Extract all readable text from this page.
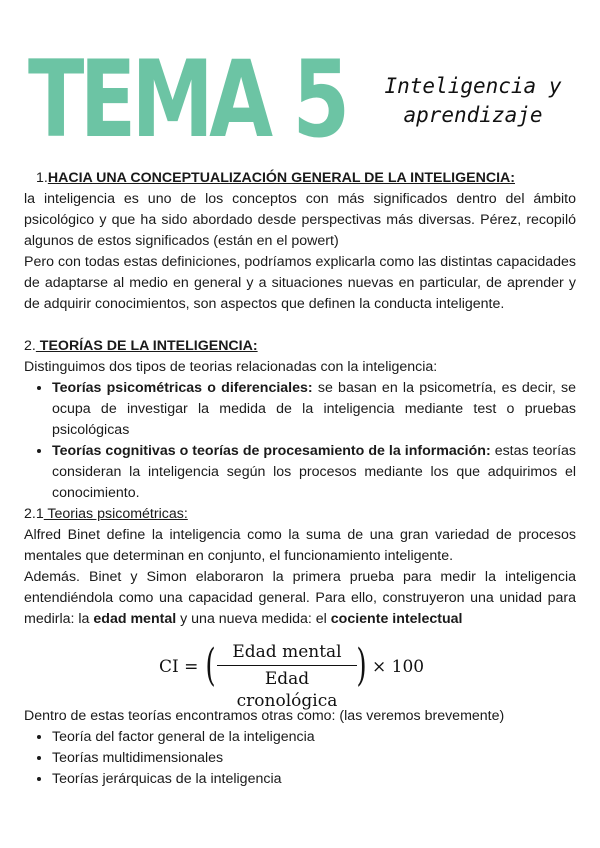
TEMA 5	Inteligencia y
aprendizaje
1.HACIA UNA CONCEPTUALIZACIÓN GENERAL DE LA INTELIGENCIA:

la inteligencia es uno de los conceptos con más significados dentro del ámbito psicológico y que ha sido abordado desde perspectivas más diversas. Pérez, recopiló algunos de estos significados (están en el powert)

Pero con todas estas definiciones, podríamos explicarla como las distintas capacidades de adaptarse al medio en general y a situaciones nuevas en particular, de aprender y de adquirir conocimientos, son aspectos que definen la conducta inteligente.

2. TEORÍAS DE LA INTELIGENCIA:

Distinguimos dos tipos de teorias relacionadas con la inteligencia:

• Teorías psicométricas o diferenciales: se basan en la psicometría, es decir, se ocupa de investigar la medida de la inteligencia mediante test o pruebas psicológicas
• Teorías cognitivas o teorías de procesamiento de la información: estas teorías consideran la inteligencia según los procesos mediante los que adquirimos el conocimiento.

2.1 Teorias psicométricas:

Alfred Binet define la inteligencia como la suma de una gran variedad de procesos mentales que determinan en conjunto, el funcionamiento inteligente.

Además. Binet y Simon elaboraron la primera prueba para medir la inteligencia entendiéndola como una capacidad general. Para ello, construyeron una unidad para medirla: la edad mental y una nueva medida: el cociente intelectual

CI = ( Edad mental
Edad cronológica
) × 100

Dentro de estas teorías encontramos otras como: (las veremos brevemente)

• Teoría del factor general de la inteligencia
• Teorías multidimensionales
• Teorías jerárquicas de la inteligencia
